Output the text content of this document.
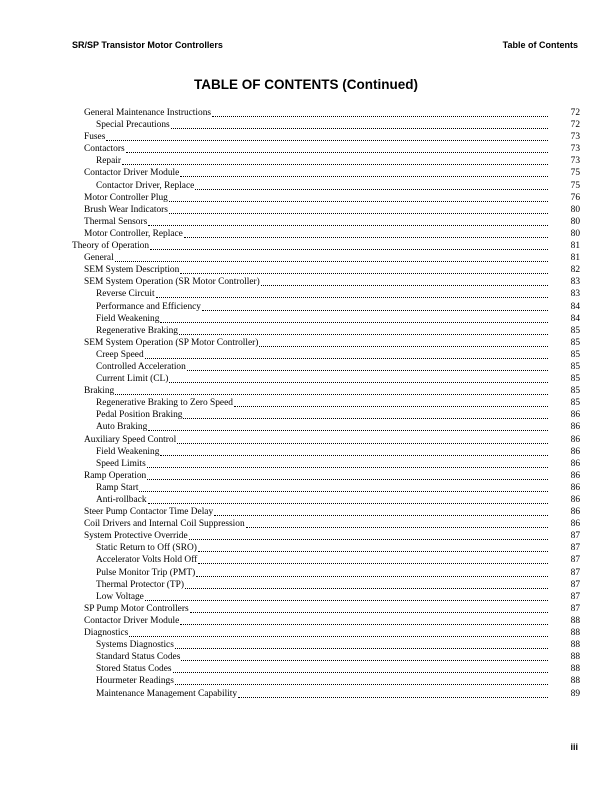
SR/SP Transistor Motor Controllers	Table of Contents
TABLE OF CONTENTS (Continued)
General Maintenance Instructions	72
Special Precautions	72
Fuses	73
Contactors	73
Repair	73
Contactor Driver Module	75
Contactor Driver, Replace	75
Motor Controller Plug	76
Brush Wear Indicators	80
Thermal Sensors	80
Motor Controller, Replace	80
Theory of Operation	81
General	81
SEM System Description	82
SEM System Operation (SR Motor Controller)	83
Reverse Circuit	83
Performance and Efficiency	84
Field Weakening	84
Regenerative Braking	85
SEM System Operation (SP Motor Controller)	85
Creep Speed	85
Controlled Acceleration	85
Current Limit (CL)	85
Braking	85
Regenerative Braking to Zero Speed	85
Pedal Position Braking	86
Auto Braking	86
Auxiliary Speed Control	86
Field Weakening	86
Speed Limits	86
Ramp Operation	86
Ramp Start	86
Anti-rollback	86
Steer Pump Contactor Time Delay	86
Coil Drivers and Internal Coil Suppression	86
System Protective Override	87
Static Return to Off (SRO)	87
Accelerator Volts Hold Off	87
Pulse Monitor Trip (PMT)	87
Thermal Protector (TP)	87
Low Voltage	87
SP Pump Motor Controllers	87
Contactor Driver Module	88
Diagnostics	88
Systems Diagnostics	88
Standard Status Codes	88
Stored Status Codes	88
Hourmeter Readings	88
Maintenance Management Capability	89
iii
